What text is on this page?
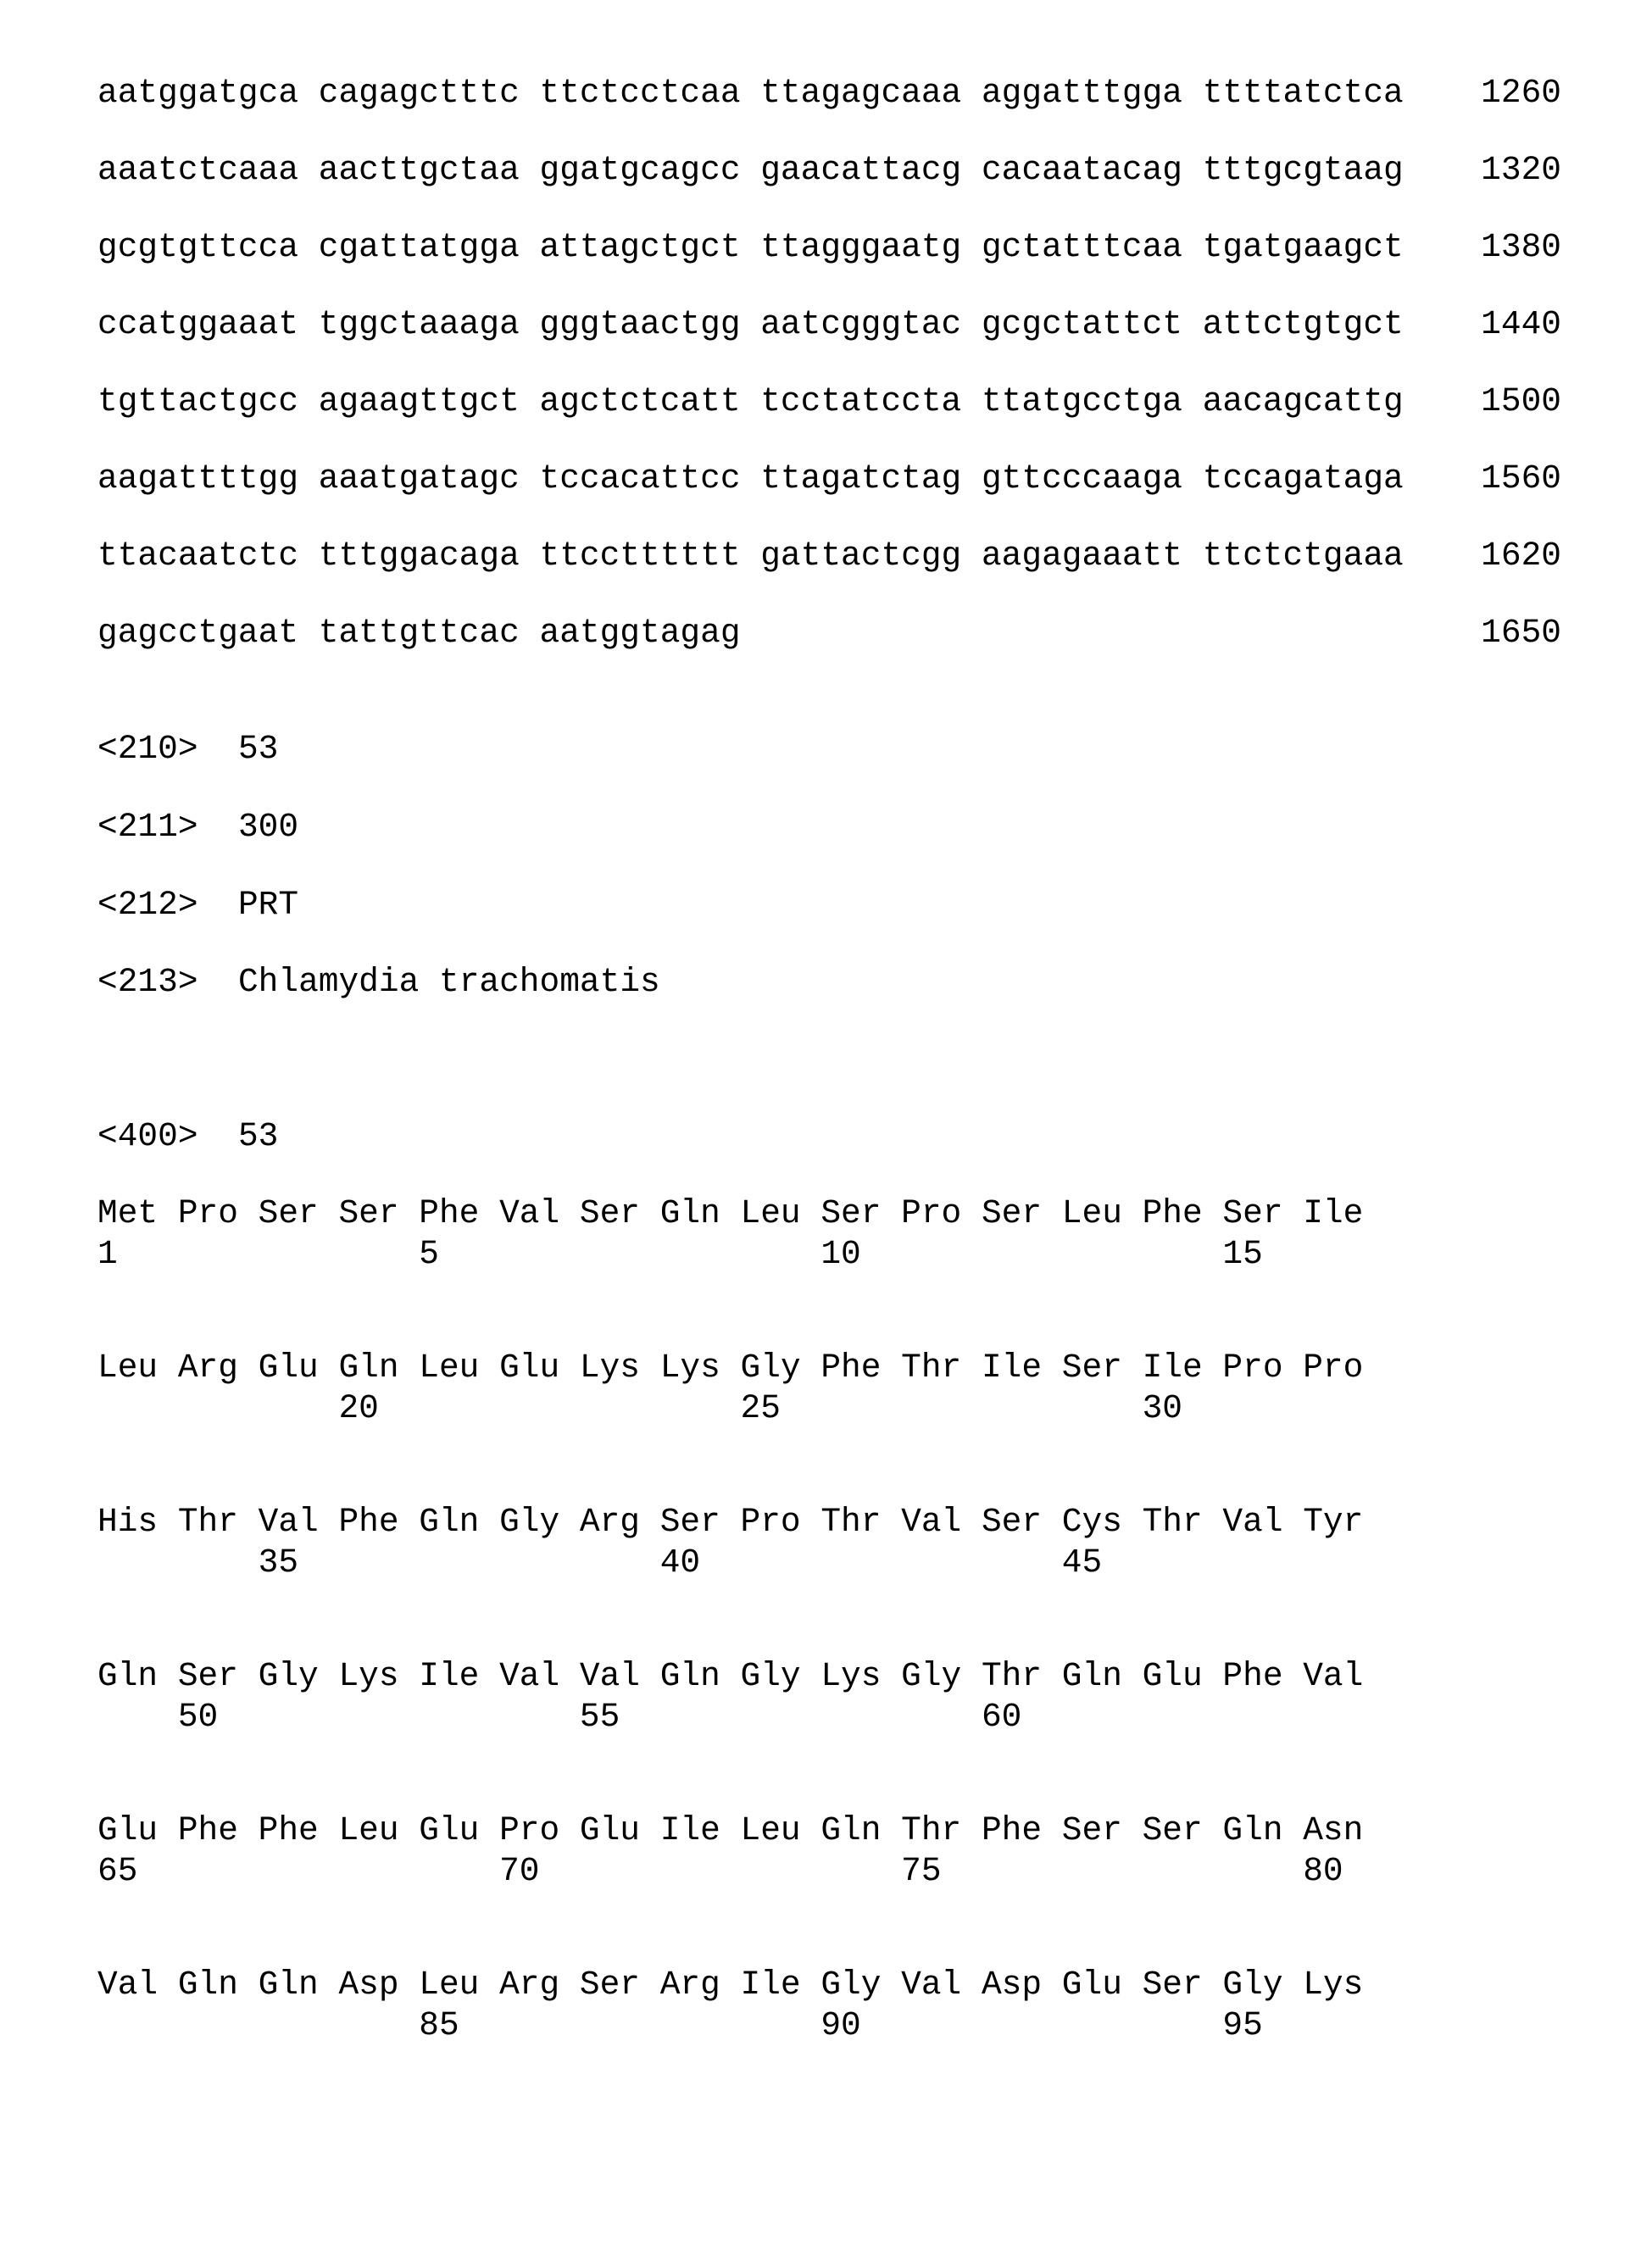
aatggatgca cagagctttc ttctcctcaa ttagagcaaa aggatttgga ttttatctca 1260
aaatctcaaa aacttgctaa ggatgcagcc gaacattacg cacaatacag tttgcgtaag 1320
gcgtgttcca cgattatgga attagctgct ttagggaatg gctatttcaa tgatgaagct 1380
ccatggaaat tggctaaaga gggtaactgg aatcgggtac gcgctattct attctgtgct 1440
tgttactgcc agaagttgct agctctcatt tcctatccta ttatgcctga aacagcattg 1500
aagattttgg aaatgatagc tccacattcc ttagatctag gttcccaaga tccagataga 1560
ttacaatctc tttggacaga ttcctttttt gattactcgg aagagaaatt ttctctgaaa 1620
gagcctgaat tattgttcac aatggtagag	1650
<210> 53
<211> 300
<212> PRT
<213> Chlamydia trachomatis
<400> 53
Met Pro Ser Ser Phe Val Ser Gln Leu Ser Pro Ser Leu Phe Ser Ile
1               5                   10                  15
Leu Arg Glu Gln Leu Glu Lys Lys Gly Phe Thr Ile Ser Ile Pro Pro
20                  25                  30
His Thr Val Phe Gln Gly Arg Ser Pro Thr Val Ser Cys Thr Val Tyr
35                  40                  45
Gln Ser Gly Lys Ile Val Val Gln Gly Lys Gly Thr Gln Glu Phe Val
50                  55                  60
Glu Phe Phe Leu Glu Pro Glu Ile Leu Gln Thr Phe Ser Ser Gln Asn
65                  70                  75                  80
Val Gln Gln Asp Leu Arg Ser Arg Ile Gly Val Asp Glu Ser Gly Lys
85                  90                  95
